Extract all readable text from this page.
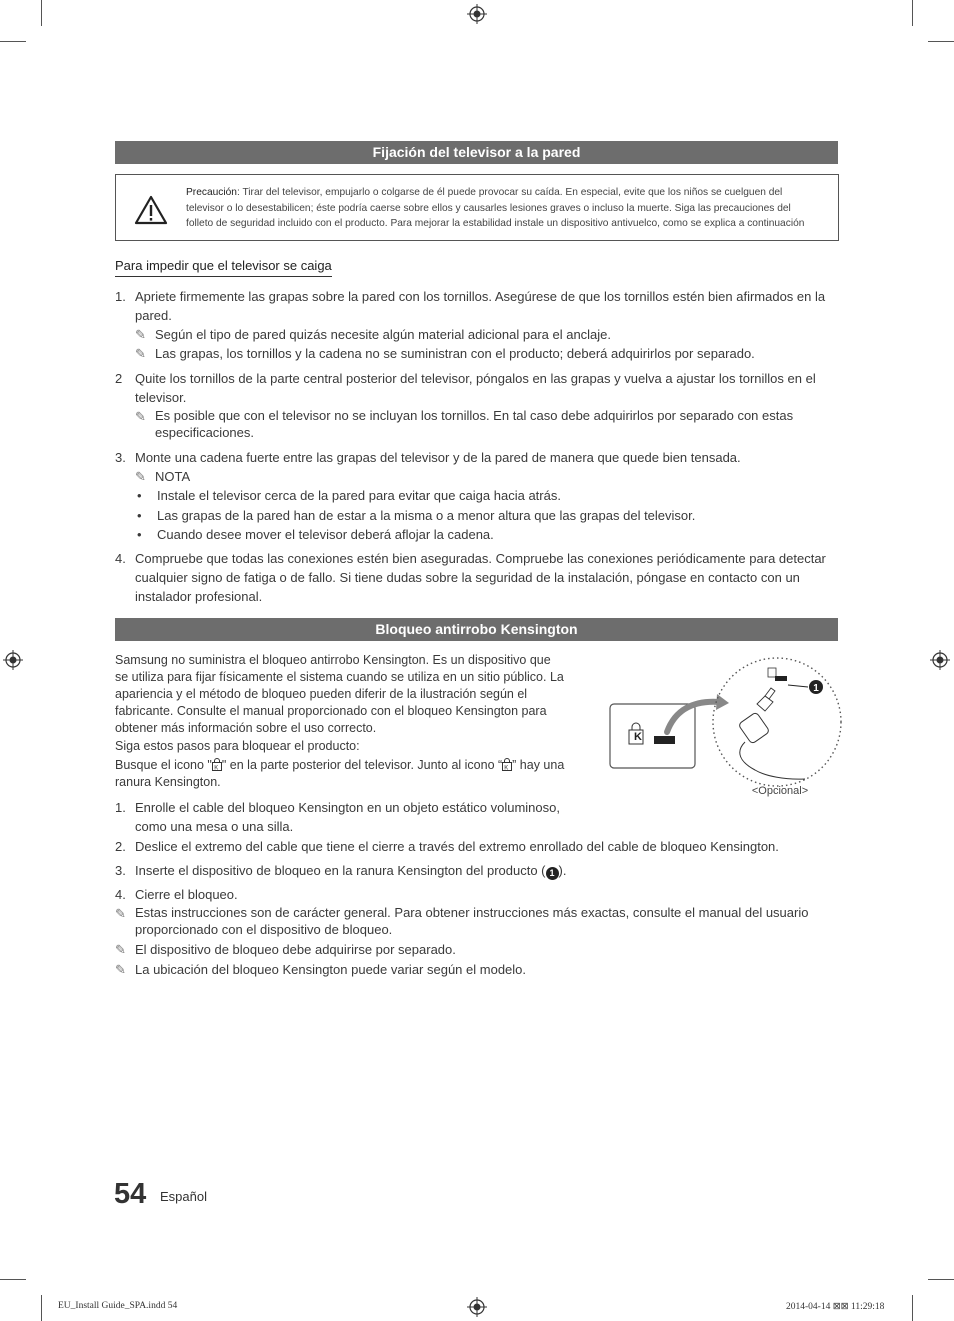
Fijación del televisor a la pared
Precaución: Tirar del televisor, empujarlo o colgarse de él puede provocar su caída. En especial, evite que los niños se cuelguen del
televisor o lo desestabilicen; éste podría caerse sobre ellos y causarles lesiones graves o incluso la muerte. Siga las precauciones del
folleto de seguridad incluido con el producto. Para mejorar la estabilidad instale un dispositivo antivuelco, como se explica a continuación
Para impedir que el televisor se caiga
1. Apriete firmemente las grapas sobre la pared con los tornillos. Asegúrese de que los tornillos estén bien afirmados en la pared.
✎ Según el tipo de pared quizás necesite algún material adicional para el anclaje.
✎ Las grapas, los tornillos y la cadena no se suministran con el producto; deberá adquirirlos por separado.
2 Quite los tornillos de la parte central posterior del televisor, póngalos en las grapas y vuelva a ajustar los tornillos en el televisor.
✎ Es posible que con el televisor no se incluyan los tornillos. En tal caso debe adquirirlos por separado con estas especificaciones.
3. Monte una cadena fuerte entre las grapas del televisor y de la pared de manera que quede bien tensada.
✎ NOTA
• Instale el televisor cerca de la pared para evitar que caiga hacia atrás.
• Las grapas de la pared han de estar a la misma o a menor altura que las grapas del televisor.
• Cuando desee mover el televisor deberá aflojar la cadena.
4. Compruebe que todas las conexiones estén bien aseguradas. Compruebe las conexiones periódicamente para detectar cualquier signo de fatiga o de fallo. Si tiene dudas sobre la seguridad de la instalación, póngase en contacto con un instalador profesional.
Bloqueo antirrobo Kensington
Samsung no suministra el bloqueo antirrobo Kensington. Es un dispositivo que se utiliza para fijar físicamente el sistema cuando se utiliza en un sitio público. La apariencia y el método de bloqueo pueden diferir de la ilustración según el fabricante. Consulte el manual proporcionado con el bloqueo Kensington para obtener más información sobre el uso correcto.
Siga estos pasos para bloquear el producto:
Busque el icono " K " en la parte posterior del televisor. Junto al icono “ K ” hay una ranura Kensington.
1
K
<Opcional>
1. Enrolle el cable del bloqueo Kensington en un objeto estático voluminoso, como una mesa o una silla.
2. Deslice el extremo del cable que tiene el cierre a través del extremo enrollado del cable de bloqueo Kensington.
3. Inserte el dispositivo de bloqueo en la ranura Kensington del producto ( 1 ).
4. Cierre el bloqueo.
✎ Estas instrucciones son de carácter general. Para obtener instrucciones más exactas, consulte el manual del usuario proporcionado con el dispositivo de bloqueo.
✎ El dispositivo de bloqueo debe adquirirse por separado.
✎ La ubicación del bloqueo Kensington puede variar según el modelo.
54 Español
EU_Install Guide_SPA.indd 54	2014-04-14 ⊠⊠ 11:29:18
